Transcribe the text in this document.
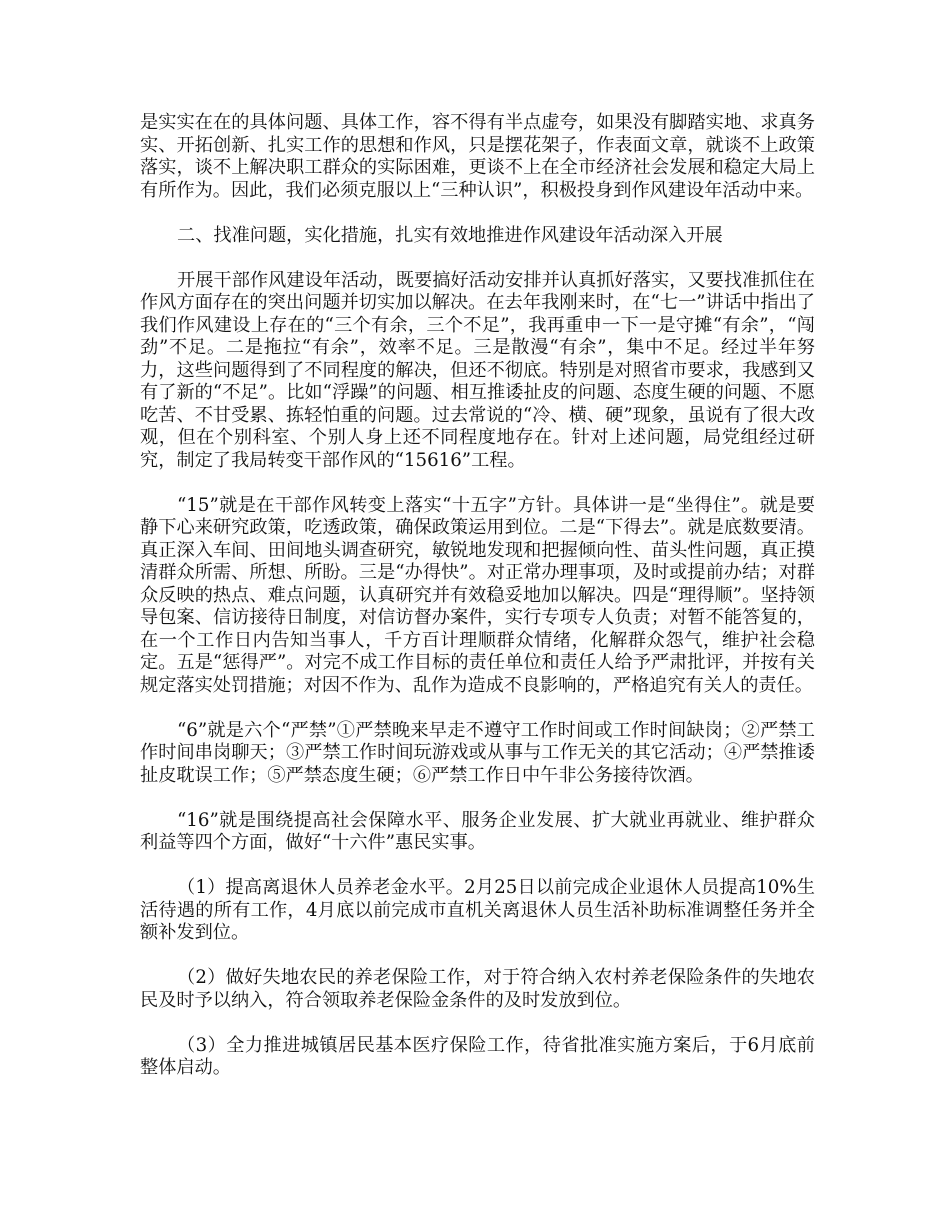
是实实在在的具体问题、具体工作，容不得有半点虚夸，如果没有脚踏实地、求真务实、开拓创新、扎实工作的思想和作风，只是摆花架子，作表面文章，就谈不上政策落实，谈不上解决职工群众的实际困难，更谈不上在全市经济社会发展和稳定大局上有所作为。因此，我们必须克服以上“三种认识”，积极投身到作风建设年活动中来。

二、找准问题，实化措施，扎实有效地推进作风建设年活动深入开展

开展干部作风建设年活动，既要搞好活动安排并认真抓好落实，又要找准抓住在作风方面存在的突出问题并切实加以解决。在去年我刚来时，在“七一”讲话中指出了我们作风建设上存在的“三个有余，三个不足”，我再重申一下一是守摊“有余”，“闯劲”不足。二是拖拉“有余”，效率不足。三是散漫“有余”，集中不足。经过半年努力，这些问题得到了不同程度的解决，但还不彻底。特别是对照省市要求，我感到又有了新的“不足”。比如“浮躁”的问题、相互推诿扯皮的问题、态度生硬的问题、不愿吃苦、不甘受累、拣轻怕重的问题。过去常说的“冷、横、硬”现象，虽说有了很大改观，但在个别科室、个别人身上还不同程度地存在。针对上述问题，局党组经过研究，制定了我局转变干部作风的“15616”工程。

“15”就是在干部作风转变上落实“十五字”方针。具体讲一是“坐得住”。就是要静下心来研究政策，吃透政策，确保政策运用到位。二是“下得去”。就是底数要清。真正深入车间、田间地头调查研究，敏锐地发现和把握倾向性、苗头性问题，真正摸清群众所需、所想、所盼。三是“办得快”。对正常办理事项，及时或提前办结；对群众反映的热点、难点问题，认真研究并有效稳妥地加以解决。四是“理得顺”。坚持领导包案、信访接待日制度，对信访督办案件，实行专项专人负责；对暂不能答复的，在一个工作日内告知当事人，千方百计理顺群众情绪，化解群众怨气，维护社会稳定。五是“惩得严”。对完不成工作目标的责任单位和责任人给予严肃批评，并按有关规定落实处罚措施；对因不作为、乱作为造成不良影响的，严格追究有关人的责任。

“6”就是六个“严禁”①严禁晚来早走不遵守工作时间或工作时间缺岗；②严禁工作时间串岗聊天；③严禁工作时间玩游戏或从事与工作无关的其它活动；④严禁推诿扯皮耽误工作；⑤严禁态度生硬；⑥严禁工作日中午非公务接待饮酒。

“16”就是围绕提高社会保障水平、服务企业发展、扩大就业再就业、维护群众利益等四个方面，做好“十六件”惠民实事。

（1）提高离退休人员养老金水平。2月25日以前完成企业退休人员提高10%生活待遇的所有工作，4月底以前完成市直机关离退休人员生活补助标准调整任务并全额补发到位。

（2）做好失地农民的养老保险工作，对于符合纳入农村养老保险条件的失地农民及时予以纳入，符合领取养老保险金条件的及时发放到位。

（3）全力推进城镇居民基本医疗保险工作，待省批准实施方案后，于6月底前整体启动。
